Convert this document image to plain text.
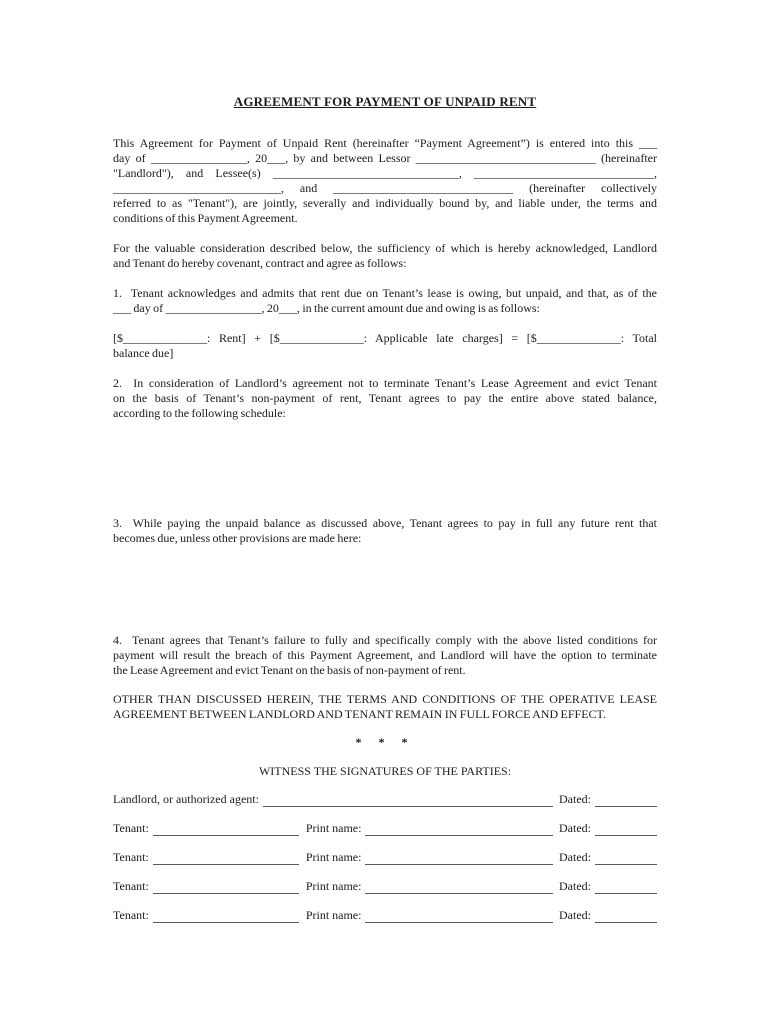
AGREEMENT FOR PAYMENT OF UNPAID RENT
This Agreement for Payment of Unpaid Rent (hereinafter “Payment Agreement”) is entered into this ___
day of ________________, 20___, by and between Lessor ______________________________ (hereinafter
"Landlord"), and Lessee(s) _______________________________, ______________________________,
____________________________, and ______________________________ (hereinafter collectively
referred to as "Tenant"), are jointly, severally and individually bound by, and liable under, the terms and
conditions of this Payment Agreement.
For the valuable consideration described below, the sufficiency of which is hereby acknowledged, Landlord
and Tenant do hereby covenant, contract and agree as follows:
1.  Tenant acknowledges and admits that rent due on Tenant’s lease is owing, but unpaid, and that, as of the
___ day of ________________, 20___, in the current amount due and owing is as follows:
[$______________: Rent] + [$______________: Applicable late charges] = [$______________: Total
balance due]
2.  In consideration of Landlord’s agreement not to terminate Tenant’s Lease Agreement and evict Tenant
on the basis of Tenant’s non-payment of rent, Tenant agrees to pay the entire above stated balance,
according to the following schedule:
3.  While paying the unpaid balance as discussed above, Tenant agrees to pay in full any future rent that
becomes due, unless other provisions are made here:
4.  Tenant agrees that Tenant’s failure to fully and specifically comply with the above listed conditions for
payment will result the breach of this Payment Agreement, and Landlord will have the option to terminate
the Lease Agreement and evict Tenant on the basis of non-payment of rent.
OTHER THAN DISCUSSED HEREIN, THE TERMS AND CONDITIONS OF THE OPERATIVE LEASE
AGREEMENT BETWEEN LANDLORD AND TENANT REMAIN IN FULL FORCE AND EFFECT.
* * *
WITNESS THE SIGNATURES OF THE PARTIES:
Landlord, or authorized agent:	Dated:
Tenant:	Print name:	Dated:
Tenant:	Print name:	Dated:
Tenant:	Print name:	Dated:
Tenant:	Print name:	Dated:
